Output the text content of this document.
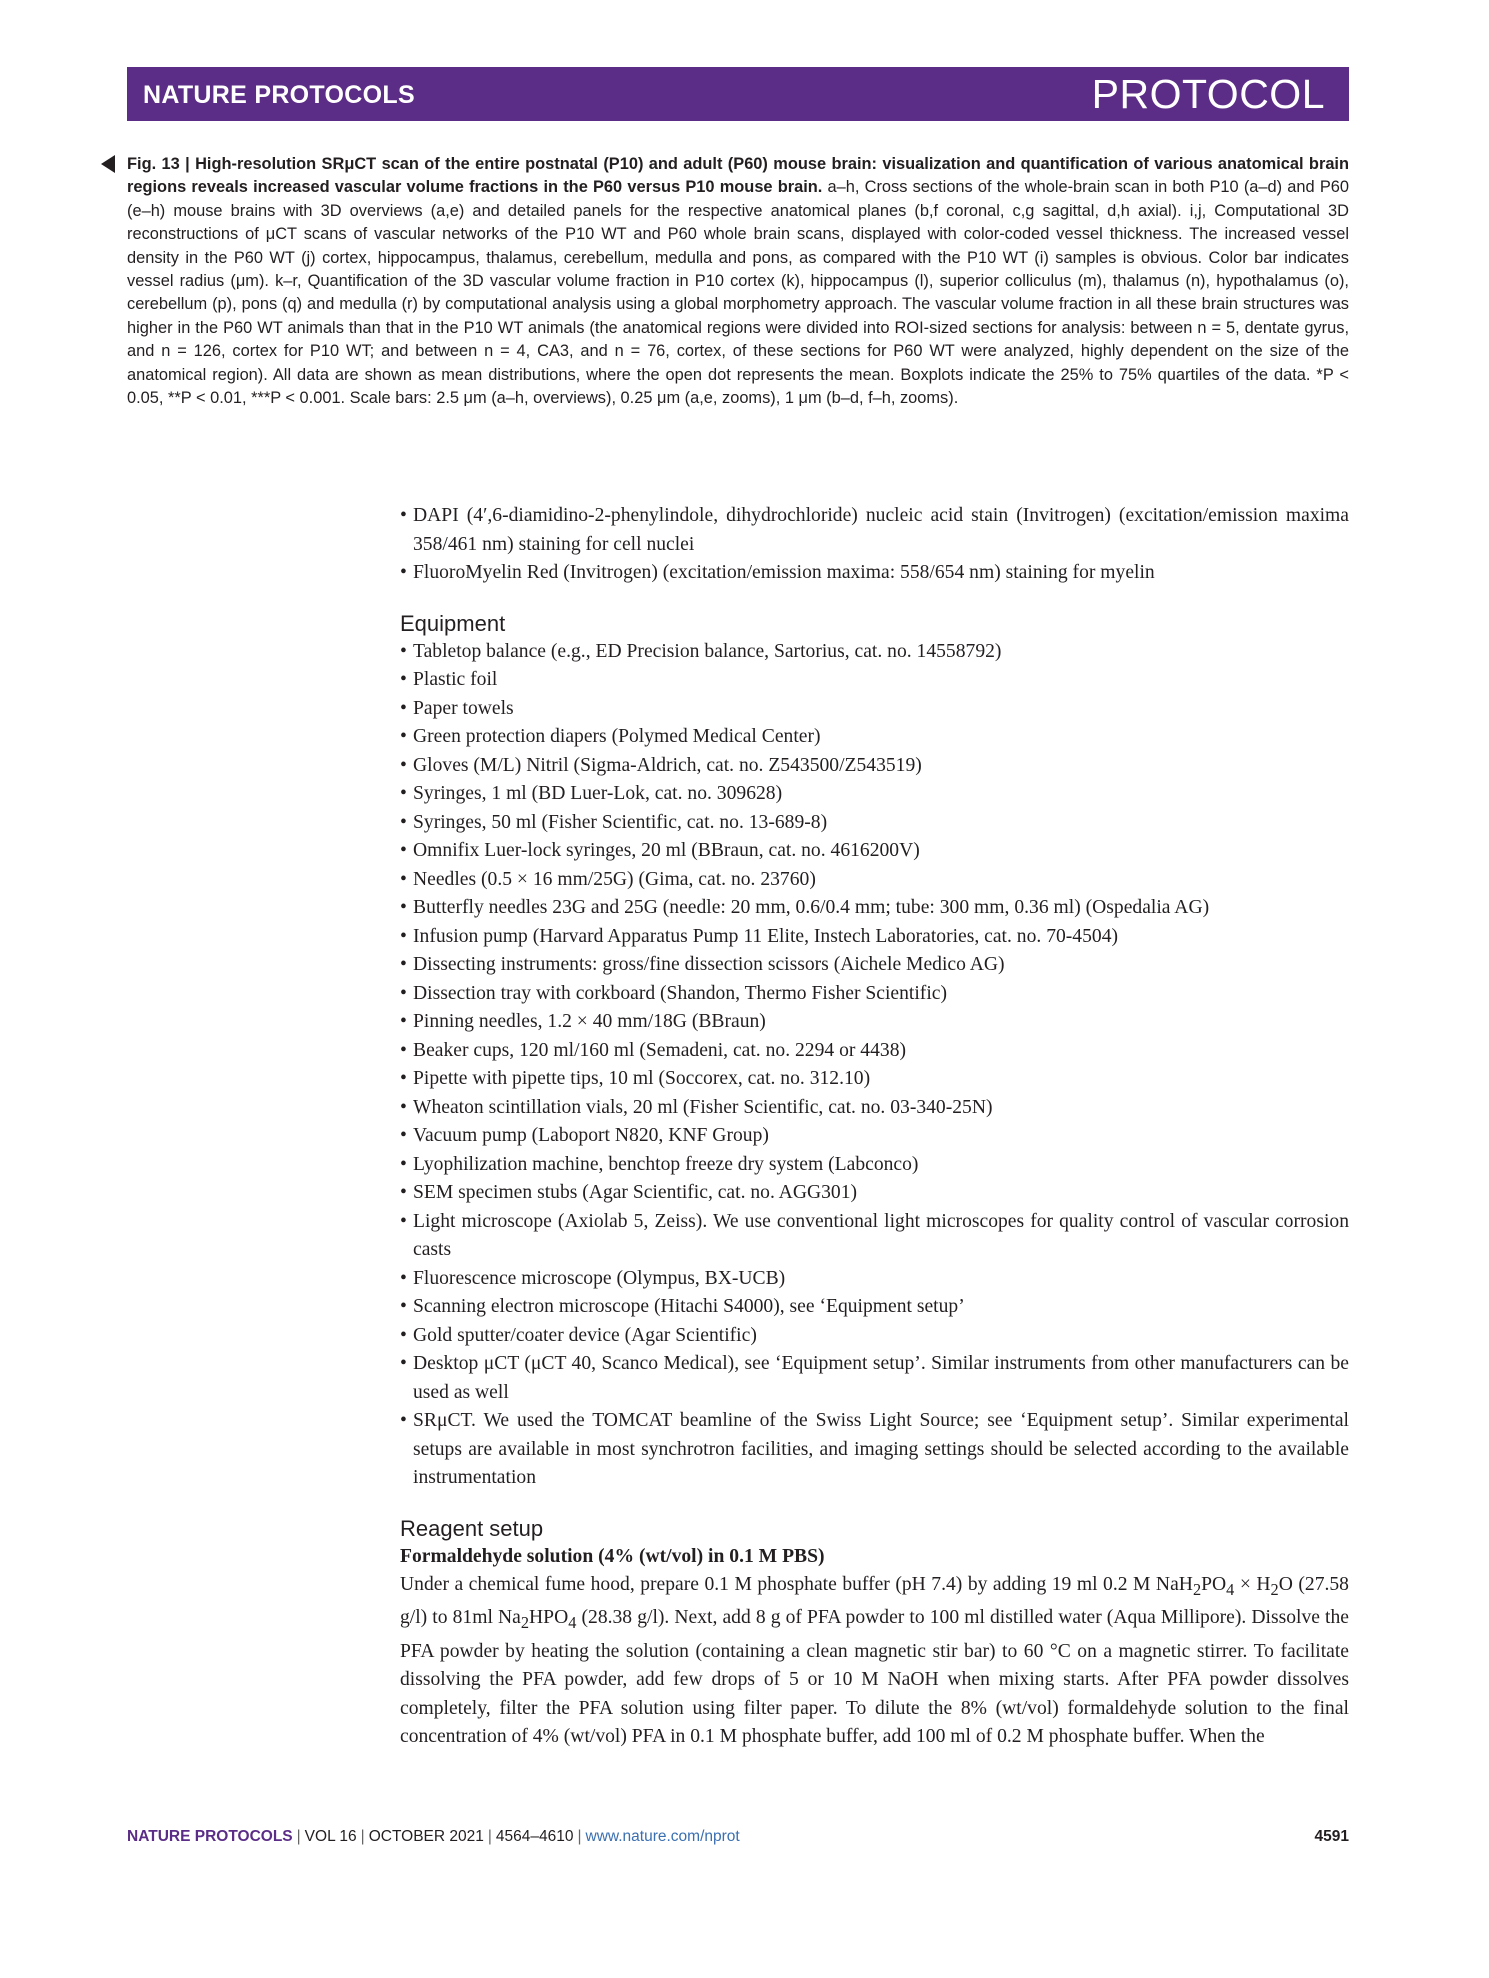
NATURE PROTOCOLS	PROTOCOL
Fig. 13 | High-resolution SRμCT scan of the entire postnatal (P10) and adult (P60) mouse brain: visualization and quantification of various anatomical brain regions reveals increased vascular volume fractions in the P60 versus P10 mouse brain. a–h, Cross sections of the whole-brain scan in both P10 (a–d) and P60 (e–h) mouse brains with 3D overviews (a,e) and detailed panels for the respective anatomical planes (b,f coronal, c,g sagittal, d,h axial). i,j, Computational 3D reconstructions of μCT scans of vascular networks of the P10 WT and P60 whole brain scans, displayed with color-coded vessel thickness. The increased vessel density in the P60 WT (j) cortex, hippocampus, thalamus, cerebellum, medulla and pons, as compared with the P10 WT (i) samples is obvious. Color bar indicates vessel radius (μm). k–r, Quantification of the 3D vascular volume fraction in P10 cortex (k), hippocampus (l), superior colliculus (m), thalamus (n), hypothalamus (o), cerebellum (p), pons (q) and medulla (r) by computational analysis using a global morphometry approach. The vascular volume fraction in all these brain structures was higher in the P60 WT animals than that in the P10 WT animals (the anatomical regions were divided into ROI-sized sections for analysis: between n = 5, dentate gyrus, and n = 126, cortex for P10 WT; and between n = 4, CA3, and n = 76, cortex, of these sections for P60 WT were analyzed, highly dependent on the size of the anatomical region). All data are shown as mean distributions, where the open dot represents the mean. Boxplots indicate the 25% to 75% quartiles of the data. *P < 0.05, **P < 0.01, ***P < 0.001. Scale bars: 2.5 μm (a–h, overviews), 0.25 μm (a,e, zooms), 1 μm (b–d, f–h, zooms).
• DAPI (4′,6-diamidino-2-phenylindole, dihydrochloride) nucleic acid stain (Invitrogen) (excitation/emission maxima 358/461 nm) staining for cell nuclei
• FluoroMyelin Red (Invitrogen) (excitation/emission maxima: 558/654 nm) staining for myelin
Equipment
• Tabletop balance (e.g., ED Precision balance, Sartorius, cat. no. 14558792)
• Plastic foil
• Paper towels
• Green protection diapers (Polymed Medical Center)
• Gloves (M/L) Nitril (Sigma-Aldrich, cat. no. Z543500/Z543519)
• Syringes, 1 ml (BD Luer-Lok, cat. no. 309628)
• Syringes, 50 ml (Fisher Scientific, cat. no. 13-689-8)
• Omnifix Luer-lock syringes, 20 ml (BBraun, cat. no. 4616200V)
• Needles (0.5 × 16 mm/25G) (Gima, cat. no. 23760)
• Butterfly needles 23G and 25G (needle: 20 mm, 0.6/0.4 mm; tube: 300 mm, 0.36 ml) (Ospedalia AG)
• Infusion pump (Harvard Apparatus Pump 11 Elite, Instech Laboratories, cat. no. 70-4504)
• Dissecting instruments: gross/fine dissection scissors (Aichele Medico AG)
• Dissection tray with corkboard (Shandon, Thermo Fisher Scientific)
• Pinning needles, 1.2 × 40 mm/18G (BBraun)
• Beaker cups, 120 ml/160 ml (Semadeni, cat. no. 2294 or 4438)
• Pipette with pipette tips, 10 ml (Soccorex, cat. no. 312.10)
• Wheaton scintillation vials, 20 ml (Fisher Scientific, cat. no. 03-340-25N)
• Vacuum pump (Laboport N820, KNF Group)
• Lyophilization machine, benchtop freeze dry system (Labconco)
• SEM specimen stubs (Agar Scientific, cat. no. AGG301)
• Light microscope (Axiolab 5, Zeiss). We use conventional light microscopes for quality control of vascular corrosion casts
• Fluorescence microscope (Olympus, BX-UCB)
• Scanning electron microscope (Hitachi S4000), see ‘Equipment setup’
• Gold sputter/coater device (Agar Scientific)
• Desktop μCT (μCT 40, Scanco Medical), see ‘Equipment setup’. Similar instruments from other manufacturers can be used as well
• SRμCT. We used the TOMCAT beamline of the Swiss Light Source; see ‘Equipment setup’. Similar experimental setups are available in most synchrotron facilities, and imaging settings should be selected according to the available instrumentation
Reagent setup
Formaldehyde solution (4% (wt/vol) in 0.1 M PBS)

Under a chemical fume hood, prepare 0.1 M phosphate buffer (pH 7.4) by adding 19 ml 0.2 M $NaH_2PO_4 \times H_2O$ (27.58 g/l) to 81ml $Na_2HPO_4$ (28.38 g/l). Next, add 8 g of PFA powder to 100 ml distilled water (Aqua Millipore). Dissolve the PFA powder by heating the solution (containing a clean magnetic stir bar) to 60 °C on a magnetic stirrer. To facilitate dissolving the PFA powder, add few drops of 5 or 10 M NaOH when mixing starts. After PFA powder dissolves completely, filter the PFA solution using filter paper. To dilute the 8% (wt/vol) formaldehyde solution to the final concentration of 4% (wt/vol) PFA in 0.1 M phosphate buffer, add 100 ml of 0.2 M phosphate buffer. When the

NATURE PROTOCOLS | VOL 16 | OCTOBER 2021 | 4564–4610 | www.nature.com/nprot	4591
